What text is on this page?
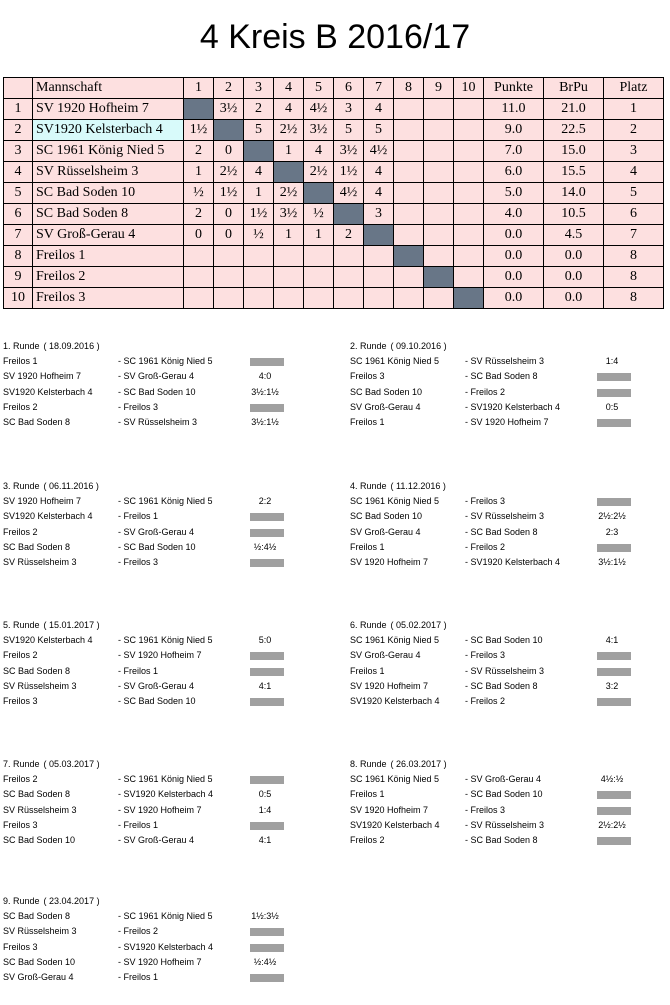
4 Kreis B 2016/17
	Mannschaft	1	2	3	4	5	6	7	8	9	10	Punkte	BrPu	Platz
1	SV 1920 Hofheim 7		3½	2	4	4½	3	4				11.0	21.0	1
2	SV1920 Kelsterbach 4	1½		5	2½	3½	5	5				9.0	22.5	2
3	SC 1961 König Nied 5	2	0		1	4	3½	4½				7.0	15.0	3
4	SV Rüsselsheim 3	1	2½	4		2½	1½	4				6.0	15.5	4
5	SC Bad Soden 10	½	1½	1	2½		4½	4				5.0	14.0	5
6	SC Bad Soden 8	2	0	1½	3½	½		3				4.0	10.5	6
7	SV Groß-Gerau 4	0	0	½	1	1	2					0.0	4.5	7
8	Freilos 1											0.0	0.0	8
9	Freilos 2											0.0	0.0	8
10	Freilos 3											0.0	0.0	8
1. Runde ( 18.09.2016 )
Freilos 1	- SC 1961 König Nied 5
SV 1920 Hofheim 7	- SV Groß-Gerau 4	4:0
SV1920 Kelsterbach 4	- SC Bad Soden 10	3½:1½
Freilos 2	- Freilos 3
SC Bad Soden 8	- SV Rüsselsheim 3	3½:1½
2. Runde ( 09.10.2016 )
SC 1961 König Nied 5	- SV Rüsselsheim 3	1:4
Freilos 3	- SC Bad Soden 8
SC Bad Soden 10	- Freilos 2
SV Groß-Gerau 4	- SV1920 Kelsterbach 4	0:5
Freilos 1	- SV 1920 Hofheim 7
3. Runde ( 06.11.2016 )
SV 1920 Hofheim 7	- SC 1961 König Nied 5	2:2
SV1920 Kelsterbach 4	- Freilos 1
Freilos 2	- SV Groß-Gerau 4
SC Bad Soden 8	- SC Bad Soden 10	½:4½
SV Rüsselsheim 3	- Freilos 3
4. Runde ( 11.12.2016 )
SC 1961 König Nied 5	- Freilos 3
SC Bad Soden 10	- SV Rüsselsheim 3	2½:2½
SV Groß-Gerau 4	- SC Bad Soden 8	2:3
Freilos 1	- Freilos 2
SV 1920 Hofheim 7	- SV1920 Kelsterbach 4	3½:1½
5. Runde ( 15.01.2017 )
SV1920 Kelsterbach 4	- SC 1961 König Nied 5	5:0
Freilos 2	- SV 1920 Hofheim 7
SC Bad Soden 8	- Freilos 1
SV Rüsselsheim 3	- SV Groß-Gerau 4	4:1
Freilos 3	- SC Bad Soden 10
6. Runde ( 05.02.2017 )
SC 1961 König Nied 5	- SC Bad Soden 10	4:1
SV Groß-Gerau 4	- Freilos 3
Freilos 1	- SV Rüsselsheim 3
SV 1920 Hofheim 7	- SC Bad Soden 8	3:2
SV1920 Kelsterbach 4	- Freilos 2
7. Runde ( 05.03.2017 )
Freilos 2	- SC 1961 König Nied 5
SC Bad Soden 8	- SV1920 Kelsterbach 4	0:5
SV Rüsselsheim 3	- SV 1920 Hofheim 7	1:4
Freilos 3	- Freilos 1
SC Bad Soden 10	- SV Groß-Gerau 4	4:1
8. Runde ( 26.03.2017 )
SC 1961 König Nied 5	- SV Groß-Gerau 4	4½:½
Freilos 1	- SC Bad Soden 10
SV 1920 Hofheim 7	- Freilos 3
SV1920 Kelsterbach 4	- SV Rüsselsheim 3	2½:2½
Freilos 2	- SC Bad Soden 8
9. Runde ( 23.04.2017 )
SC Bad Soden 8	- SC 1961 König Nied 5	1½:3½
SV Rüsselsheim 3	- Freilos 2
Freilos 3	- SV1920 Kelsterbach 4
SC Bad Soden 10	- SV 1920 Hofheim 7	½:4½
SV Groß-Gerau 4	- Freilos 1
